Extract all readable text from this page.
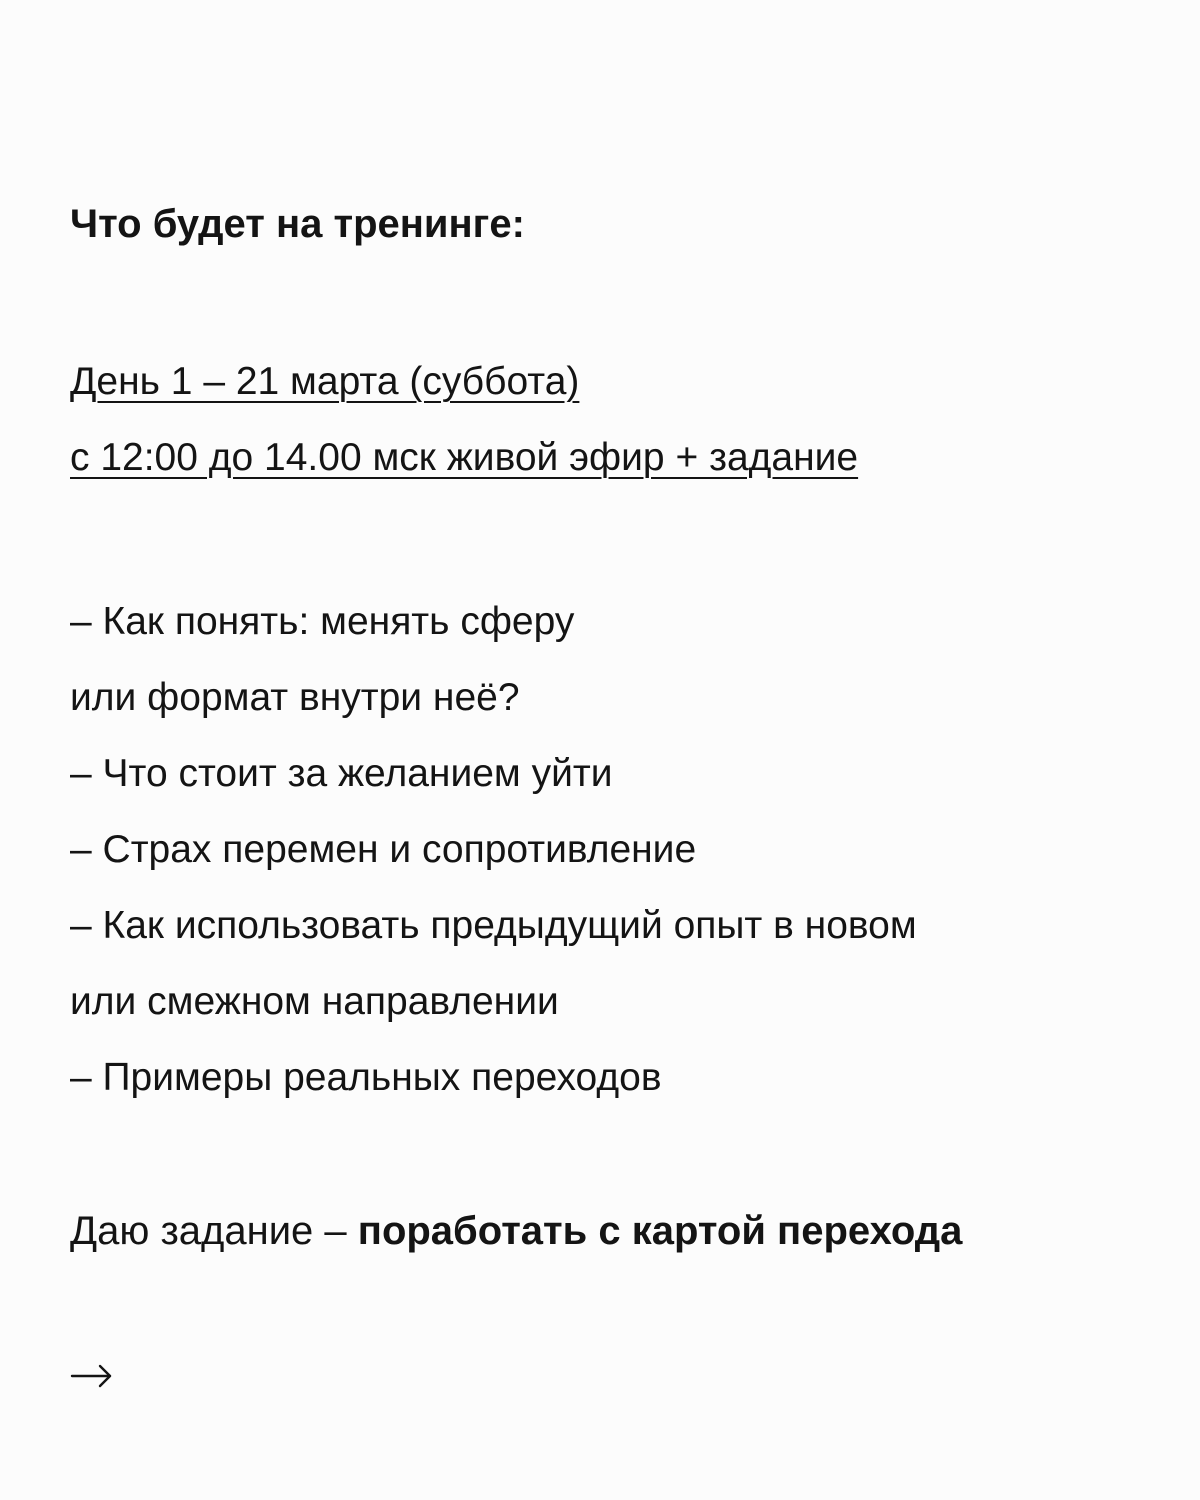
Что будет на тренинге:

День 1 – 21 марта (суббота)

с 12:00 до 14.00 мск живой эфир + задание

– Как понять: менять сферу
или формат внутри неё?
– Что стоит за желанием уйти
– Страх перемен и сопротивление
– Как использовать предыдущий опыт в новом
или смежном направлении
– Примеры реальных переходов

Даю задание – поработать с картой перехода
